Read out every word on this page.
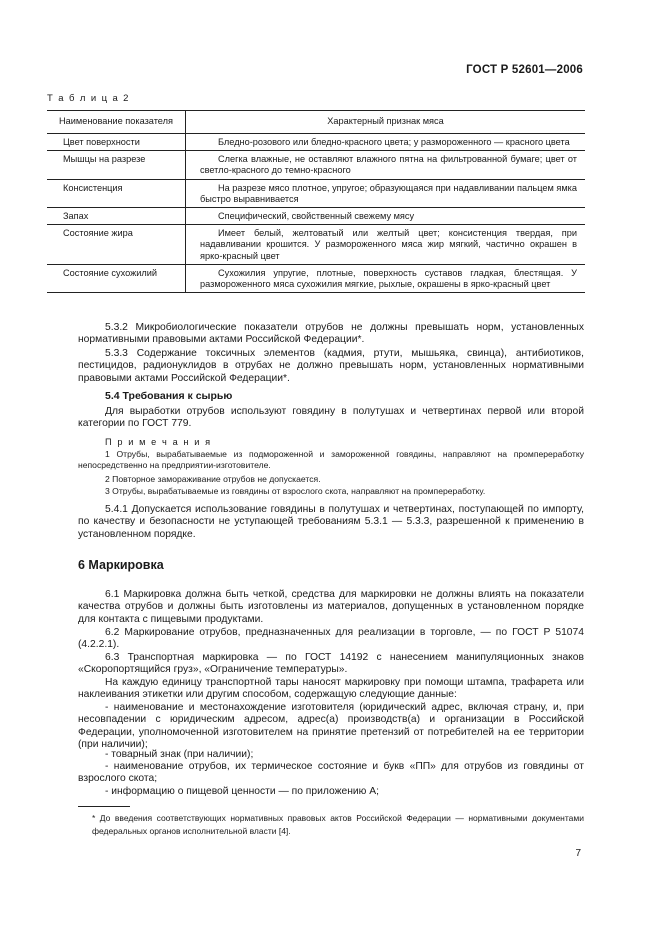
ГОСТ Р 52601—2006
Т а б л и ц а 2
Наименование показателя	Характерный признак мяса
Цвет поверхности	Бледно-розового или бледно-красного цвета; у размороженного — красного цвета
Мышцы на разрезе	Слегка влажные, не оставляют влажного пятна на фильтрованной бумаге; цвет от светло-красного до темно-красного
Консистенция	На разрезе мясо плотное, упругое; образующаяся при надавливании пальцем ямка быстро выравнивается
Запах	Специфический, свойственный свежему мясу
Состояние жира	Имеет белый, желтоватый или желтый цвет; консистенция твердая, при надавливании крошится. У размороженного мяса жир мягкий, частично окрашен в ярко-красный цвет
Состояние сухожилий	Сухожилия упругие, плотные, поверхность суставов гладкая, блестящая. У размороженного мяса сухожилия мягкие, рыхлые, окрашены в ярко-красный цвет

5.3.2 Микробиологические показатели отрубов не должны превышать норм, установленных нормативными правовыми актами Российской Федерации*.

5.3.3 Содержание токсичных элементов (кадмия, ртути, мышьяка, свинца), антибиотиков, пестицидов, радионуклидов в отрубах не должно превышать норм, установленных нормативными правовыми актами Российской Федерации*.

5.4 Требования к сырью

Для выработки отрубов используют говядину в полутушах и четвертинах первой или второй категории по ГОСТ 779.

П р и м е ч а н и я
1 Отрубы, вырабатываемые из подмороженной и замороженной говядины, направляют на промпереработку непосредственно на предприятии-изготовителе.
2 Повторное замораживание отрубов не допускается.
3 Отрубы, вырабатываемые из говядины от взрослого скота, направляют на промпереработку.

5.4.1 Допускается использование говядины в полутушах и четвертинах, поступающей по импорту, по качеству и безопасности не уступающей требованиям 5.3.1 — 5.3.3, разрешенной к применению в установленном порядке.

6 Маркировка

6.1 Маркировка должна быть четкой, средства для маркировки не должны влиять на показатели качества отрубов и должны быть изготовлены из материалов, допущенных в установленном порядке для контакта с пищевыми продуктами.

6.2 Маркирование отрубов, предназначенных для реализации в торговле, — по ГОСТ Р 51074 (4.2.2.1).

6.3 Транспортная маркировка — по ГОСТ 14192 с нанесением манипуляционных знаков «Скоропортящийся груз», «Ограничение температуры».

На каждую единицу транспортной тары наносят маркировку при помощи штампа, трафарета или наклеивания этикетки или другим способом, содержащую следующие данные:

- наименование и местонахождение изготовителя (юридический адрес, включая страну, и, при несовпадении с юридическим адресом, адрес(а) производств(а) и организации в Российской Федерации, уполномоченной изготовителем на принятие претензий от потребителей на ее территории (при наличии);

- товарный знак (при наличии);

- наименование отрубов, их термическое состояние и букв «ПП» для отрубов из говядины от взрослого скота;

- информацию о пищевой ценности — по приложению А;

* До введения соответствующих нормативных правовых актов Российской Федерации — нормативными документами федеральных органов исполнительной власти [4].
7
